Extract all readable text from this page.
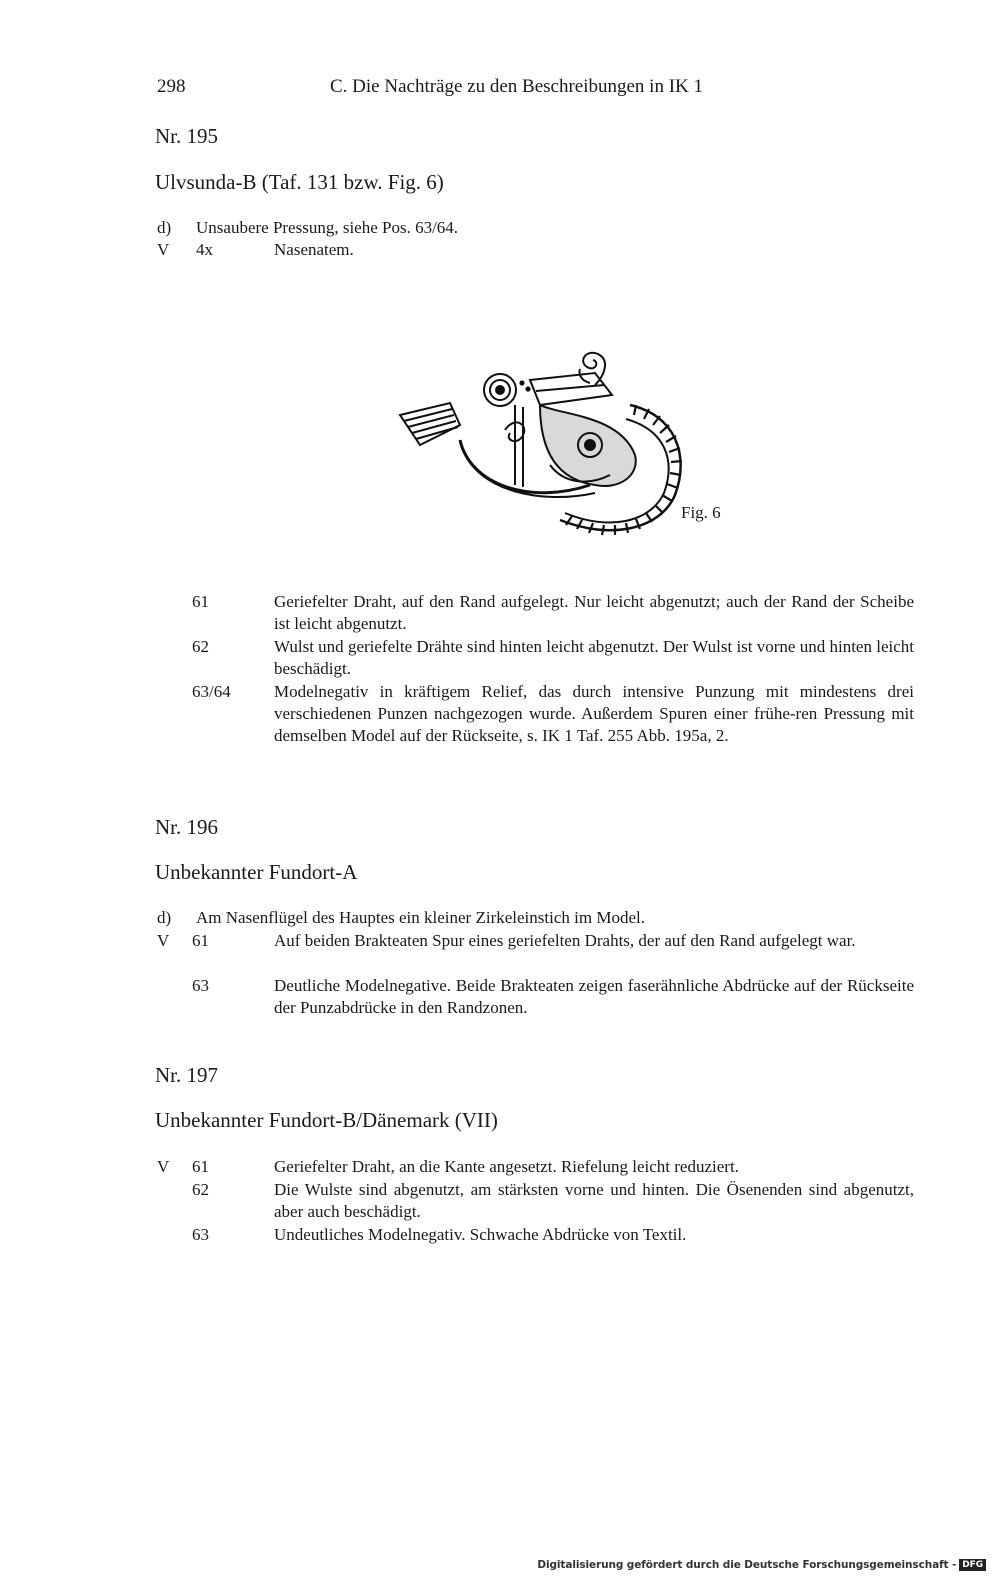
298	C. Die Nachträge zu den Beschreibungen in IK 1
Nr. 195
Ulvsunda-B (Taf. 131 bzw. Fig. 6)
d) Unsaubere Pressung, siehe Pos. 63/64.
V 4x	Nasenatem.
Fig. 6
61	Geriefelter Draht, auf den Rand aufgelegt. Nur leicht abgenutzt; auch der Rand der Scheibe ist leicht abgenutzt.
62	Wulst und geriefelte Drähte sind hinten leicht abgenutzt. Der Wulst ist vorne und hinten leicht beschädigt.
63/64	Modelnegativ in kräftigem Relief, das durch intensive Punzung mit mindestens drei verschiedenen Punzen nachgezogen wurde. Außerdem Spuren einer frühe-ren Pressung mit demselben Model auf der Rückseite, s. IK 1 Taf. 255 Abb. 195a, 2.
Nr. 196
Unbekannter Fundort-A
d) Am Nasenflügel des Hauptes ein kleiner Zirkeleinstich im Model.
V 61	Auf beiden Brakteaten Spur eines geriefelten Drahts, der auf den Rand aufgelegt war.
63	Deutliche Modelnegative. Beide Brakteaten zeigen faserähnliche Abdrücke auf der Rückseite der Punzabdrücke in den Randzonen.
Nr. 197
Unbekannter Fundort-B/Dänemark (VII)
V 61	Geriefelter Draht, an die Kante angesetzt. Riefelung leicht reduziert.
62	Die Wulste sind abgenutzt, am stärksten vorne und hinten. Die Ösenenden sind abgenutzt, aber auch beschädigt.
63	Undeutliches Modelnegativ. Schwache Abdrücke von Textil.
Digitalisierung gefördert durch die Deutsche Forschungsgemeinschaft - DFG
